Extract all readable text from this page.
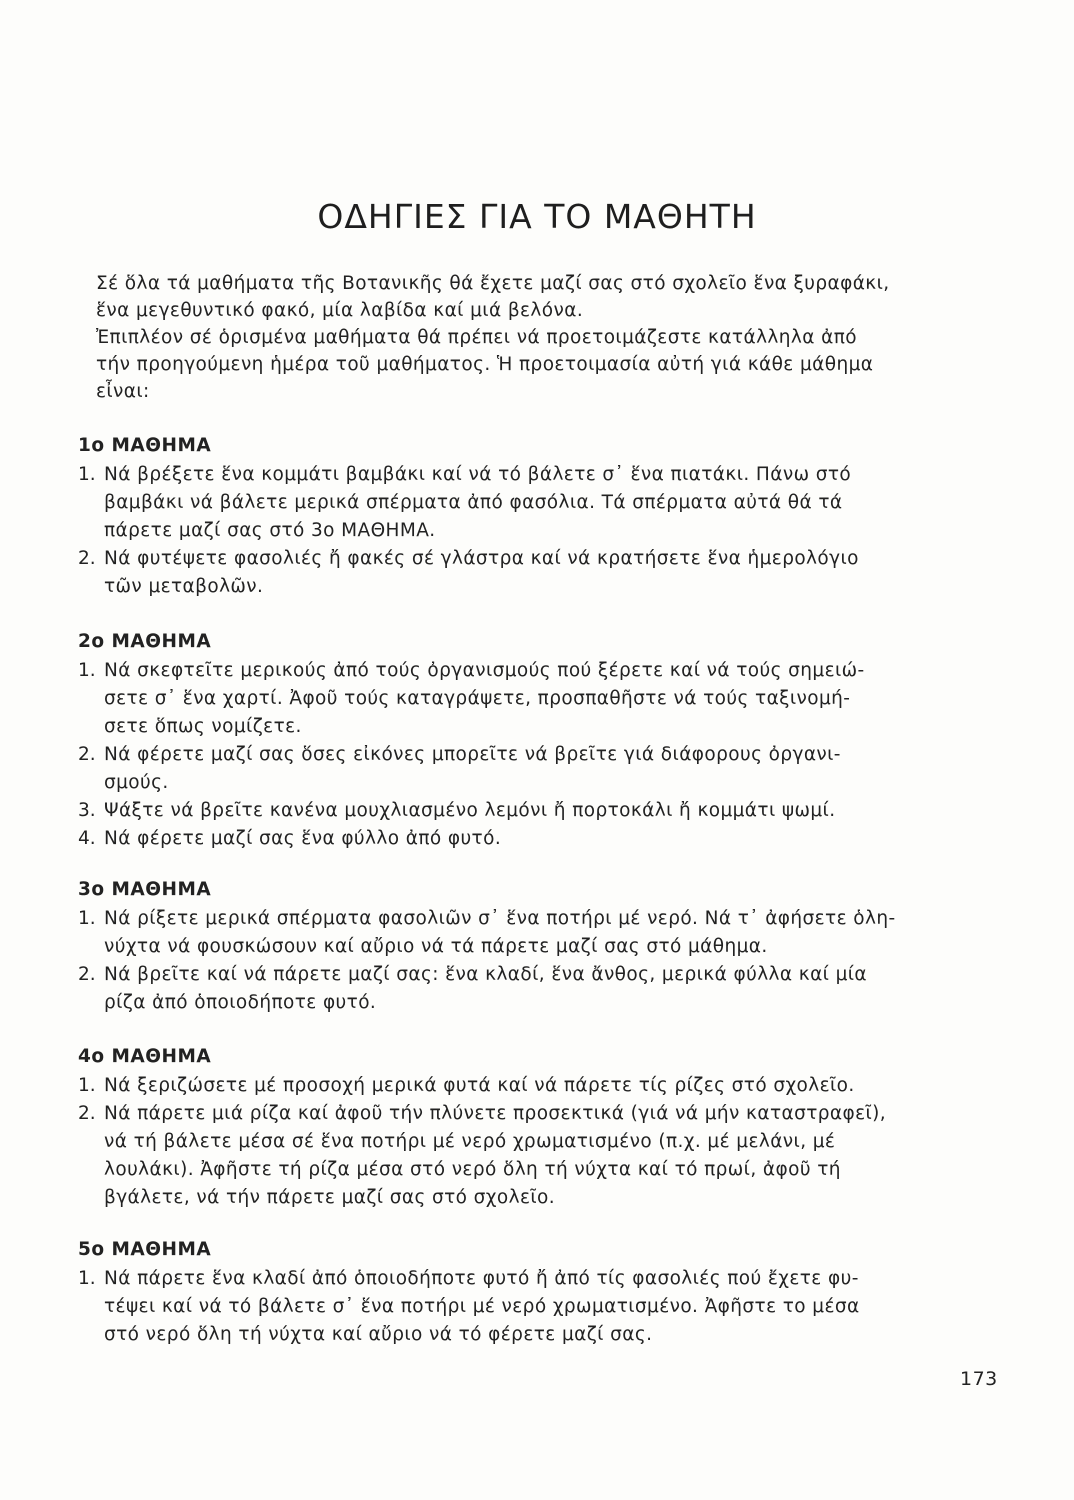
ΟΔΗΓΙΕΣ ΓΙΑ ΤΟ ΜΑΘΗΤΗ

Σέ ὅλα τά μαθήματα τῆς Βοτανικῆς θά ἔχετε μαζί σας στό σχολεῖο ἕνα ξυραφάκι,

ἕνα μεγεθυντικό φακό, μία λαβίδα καί μιά βελόνα.

Ἐπιπλέον σέ ὁρισμένα μαθήματα θά πρέπει νά προετοιμάζεστε κατάλληλα ἀπό

τήν προηγούμενη ἡμέρα τοῦ μαθήματος. Ἡ προετοιμασία αὐτή γιά κάθε μάθημα

εἶναι:

1ο ΜΑΘΗΜΑ
1. Νά βρέξετε ἕνα κομμάτι βαμβάκι καί νά τό βάλετε σ᾿ ἕνα πιατάκι. Πάνω στό
βαμβάκι νά βάλετε μερικά σπέρματα ἀπό φασόλια. Τά σπέρματα αὐτά θά τά
πάρετε μαζί σας στό 3ο ΜΑΘΗΜΑ.
2. Νά φυτέψετε φασολιές ἤ φακές σέ γλάστρα καί νά κρατήσετε ἕνα ἡμερολόγιο
τῶν μεταβολῶν.
2ο ΜΑΘΗΜΑ
1. Νά σκεφτεῖτε μερικούς ἀπό τούς ὀργανισμούς πού ξέρετε καί νά τούς σημειώ-
σετε σ᾿ ἕνα χαρτί. Ἀφοῦ τούς καταγράψετε, προσπαθῆστε νά τούς ταξινομή-
σετε ὅπως νομίζετε.
2. Νά φέρετε μαζί σας ὅσες εἰκόνες μπορεῖτε νά βρεῖτε γιά διάφορους ὀργανι-
σμούς.
3. Ψάξτε νά βρεῖτε κανένα μουχλιασμένο λεμόνι ἤ πορτοκάλι ἤ κομμάτι ψωμί.
4. Νά φέρετε μαζί σας ἕνα φύλλο ἀπό φυτό.
3ο ΜΑΘΗΜΑ
1. Νά ρίξετε μερικά σπέρματα φασολιῶν σ᾿ ἕνα ποτήρι μέ νερό. Νά τ᾿ ἀφήσετε ὁλη-
νύχτα νά φουσκώσουν καί αὔριο νά τά πάρετε μαζί σας στό μάθημα.
2. Νά βρεῖτε καί νά πάρετε μαζί σας: ἕνα κλαδί, ἕνα ἄνθος, μερικά φύλλα καί μία
ρίζα ἀπό ὁποιοδήποτε φυτό.
4ο ΜΑΘΗΜΑ
1. Νά ξεριζώσετε μέ προσοχή μερικά φυτά καί νά πάρετε τίς ρίζες στό σχολεῖο.
2. Νά πάρετε μιά ρίζα καί ἀφοῦ τήν πλύνετε προσεκτικά (γιά νά μήν καταστραφεῖ),
νά τή βάλετε μέσα σέ ἕνα ποτήρι μέ νερό χρωματισμένο (π.χ. μέ μελάνι, μέ
λουλάκι). Ἀφῆστε τή ρίζα μέσα στό νερό ὅλη τή νύχτα καί τό πρωί, ἀφοῦ τή
βγάλετε, νά τήν πάρετε μαζί σας στό σχολεῖο.
5ο ΜΑΘΗΜΑ
1. Νά πάρετε ἕνα κλαδί ἀπό ὁποιοδήποτε φυτό ἤ ἀπό τίς φασολιές πού ἔχετε φυ-
τέψει καί νά τό βάλετε σ᾿ ἕνα ποτήρι μέ νερό χρωματισμένο. Ἀφῆστε το μέσα
στό νερό ὅλη τή νύχτα καί αὔριο νά τό φέρετε μαζί σας.
173
